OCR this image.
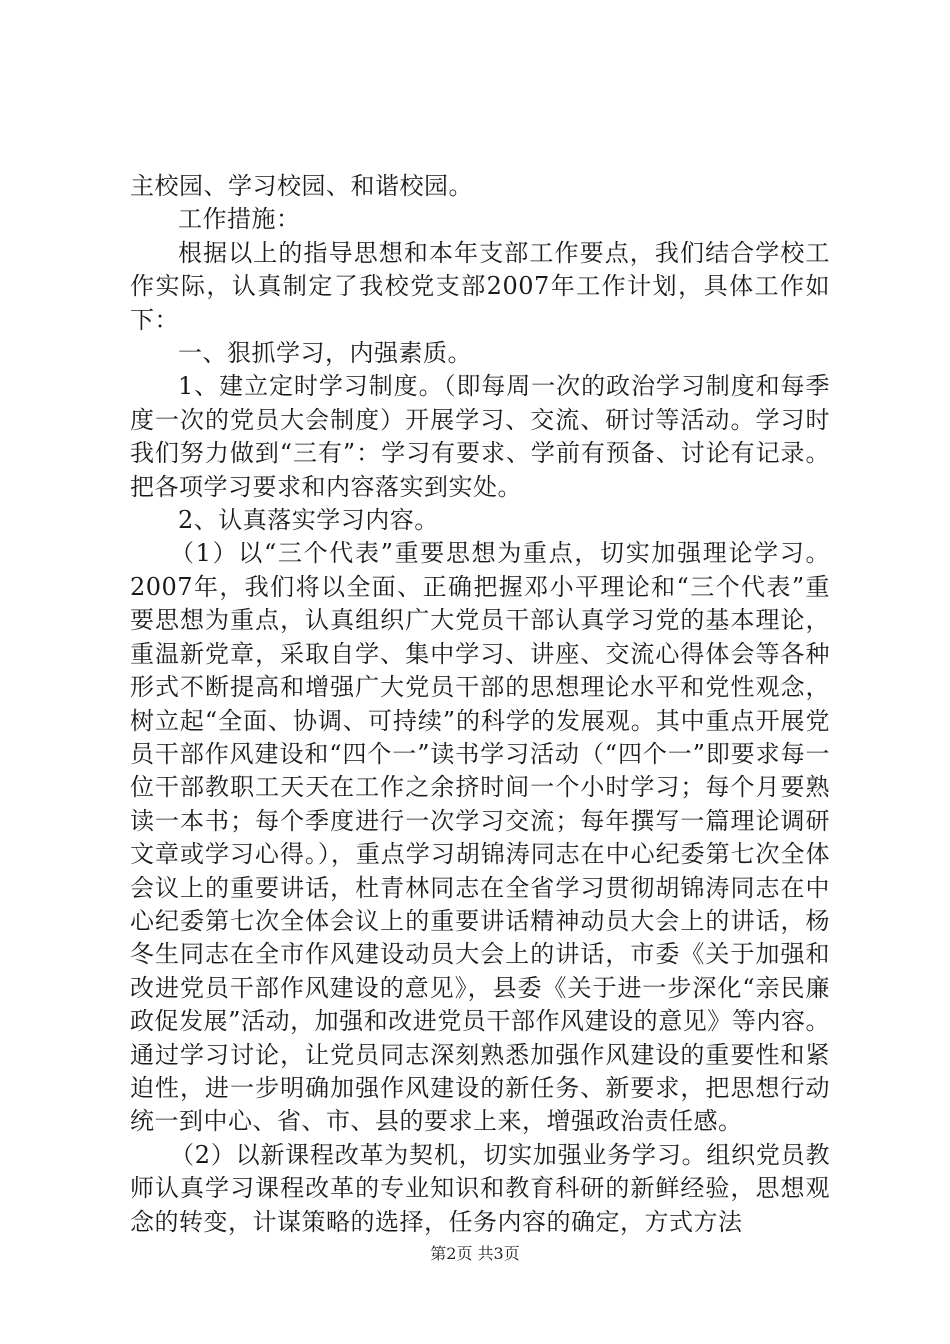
主校园、学习校园、和谐校园。

工作措施：

根据以上的指导思想和本年支部工作要点，我们结合学校工作实际，认真制定了我校党支部2007年工作计划，具体工作如下：

一、狠抓学习，内强素质。

1、建立定时学习制度。（即每周一次的政治学习制度和每季度一次的党员大会制度）开展学习、交流、研讨等活动。学习时我们努力做到“三有”：学习有要求、学前有预备、讨论有记录。把各项学习要求和内容落实到实处。

2、认真落实学习内容。

（1）以“三个代表”重要思想为重点，切实加强理论学习。2007年，我们将以全面、正确把握邓小平理论和“三个代表”重要思想为重点，认真组织广大党员干部认真学习党的基本理论，重温新党章，采取自学、集中学习、讲座、交流心得体会等各种形式不断提高和增强广大党员干部的思想理论水平和党性观念，树立起“全面、协调、可持续”的科学的发展观。其中重点开展党员干部作风建设和“四个一”读书学习活动（“四个一”即要求每一位干部教职工天天在工作之余挤时间一个小时学习；每个月要熟读一本书；每个季度进行一次学习交流；每年撰写一篇理论调研文章或学习心得。），重点学习胡锦涛同志在中心纪委第七次全体会议上的重要讲话，杜青林同志在全省学习贯彻胡锦涛同志在中心纪委第七次全体会议上的重要讲话精神动员大会上的讲话，杨冬生同志在全市作风建设动员大会上的讲话，市委《关于加强和改进党员干部作风建设的意见》，县委《关于进一步深化“亲民廉政促发展”活动，加强和改进党员干部作风建设的意见》等内容。通过学习讨论，让党员同志深刻熟悉加强作风建设的重要性和紧迫性，进一步明确加强作风建设的新任务、新要求，把思想行动统一到中心、省、市、县的要求上来，增强政治责任感。

（2）以新课程改革为契机，切实加强业务学习。组织党员教师认真学习课程改革的专业知识和教育科研的新鲜经验，思想观念的转变，计谋策略的选择，任务内容的确定，方式方法

第2页 共3页
